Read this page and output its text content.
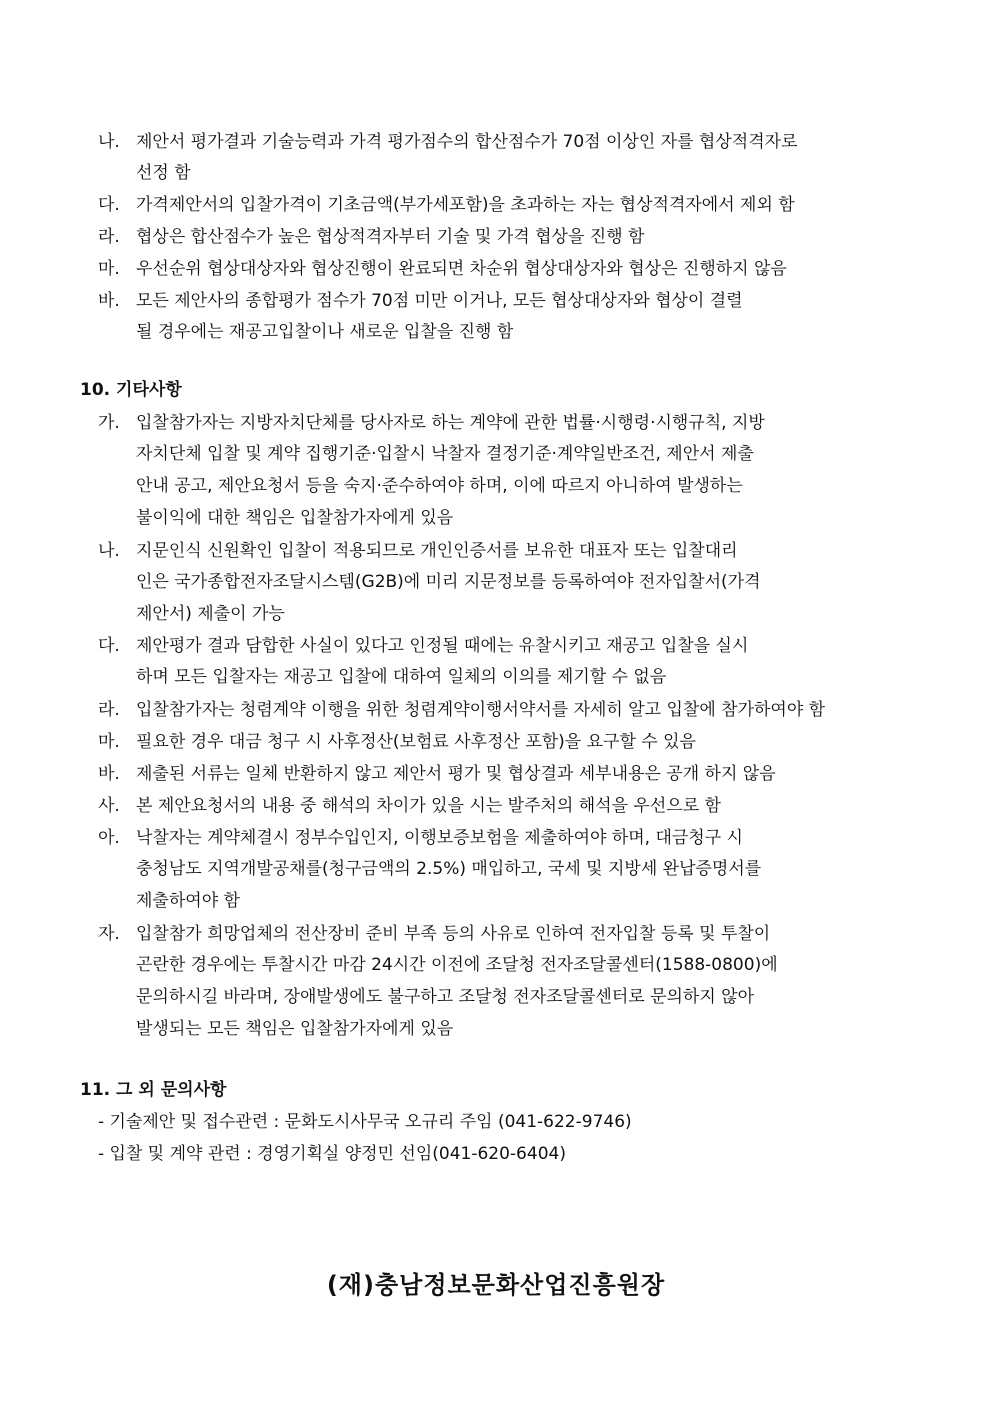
나. 제안서 평가결과 기술능력과 가격 평가점수의 합산점수가 70점 이상인 자를 협상적격자로
선정 함
다. 가격제안서의 입찰가격이 기초금액(부가세포함)을 초과하는 자는 협상적격자에서 제외 함
라. 협상은 합산점수가 높은 협상적격자부터 기술 및 가격 협상을 진행 함
마. 우선순위 협상대상자와 협상진행이 완료되면 차순위 협상대상자와 협상은 진행하지 않음
바. 모든 제안사의 종합평가 점수가 70점 미만 이거나, 모든 협상대상자와 협상이 결렬
될 경우에는 재공고입찰이나 새로운 입찰을 진행 함
10. 기타사항
가. 입찰참가자는 지방자치단체를 당사자로 하는 계약에 관한 법률·시행령·시행규칙, 지방
자치단체 입찰 및 계약 집행기준·입찰시 낙찰자 결정기준·계약일반조건, 제안서 제출
안내 공고, 제안요청서 등을 숙지·준수하여야 하며, 이에 따르지 아니하여 발생하는
불이익에 대한 책임은 입찰참가자에게 있음
나. 지문인식 신원확인 입찰이 적용되므로 개인인증서를 보유한 대표자 또는 입찰대리
인은 국가종합전자조달시스템(G2B)에 미리 지문정보를 등록하여야 전자입찰서(가격
제안서) 제출이 가능
다. 제안평가 결과 담합한 사실이 있다고 인정될 때에는 유찰시키고 재공고 입찰을 실시
하며 모든 입찰자는 재공고 입찰에 대하여 일체의 이의를 제기할 수 없음
라. 입찰참가자는 청렴계약 이행을 위한 청렴계약이행서약서를 자세히 알고 입찰에 참가하여야 함
마. 필요한 경우 대금 청구 시 사후정산(보험료 사후정산 포함)을 요구할 수 있음
바. 제출된 서류는 일체 반환하지 않고 제안서 평가 및 협상결과 세부내용은 공개 하지 않음
사. 본 제안요청서의 내용 중 해석의 차이가 있을 시는 발주처의 해석을 우선으로 함
아. 낙찰자는 계약체결시 정부수입인지, 이행보증보험을 제출하여야 하며, 대금청구 시
충청남도 지역개발공채를(청구금액의 2.5%) 매입하고, 국세 및 지방세 완납증명서를
제출하여야 함
자. 입찰참가 희망업체의 전산장비 준비 부족 등의 사유로 인하여 전자입찰 등록 및 투찰이
곤란한 경우에는 투찰시간 마감 24시간 이전에 조달청 전자조달콜센터(1588-0800)에
문의하시길 바라며, 장애발생에도 불구하고 조달청 전자조달콜센터로 문의하지 않아
발생되는 모든 책임은 입찰참가자에게 있음
11. 그 외 문의사항
- 기술제안 및 접수관련 : 문화도시사무국 오규리 주임 (041-622-9746)
- 입찰 및 계약 관련 : 경영기획실 양정민 선임(041-620-6404)
(재)충남정보문화산업진흥원장
